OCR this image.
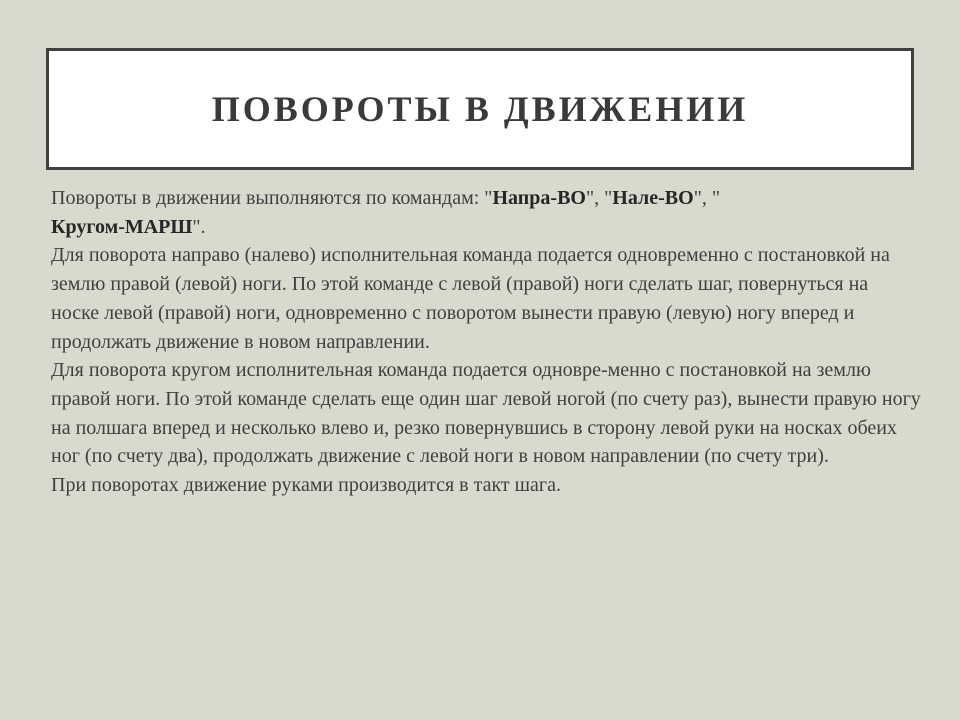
ПОВОРОТЫ В ДВИЖЕНИИ

Повороты в движении выполняются по командам: "Напра-ВО", "Нале-ВО", "
Кругом-МАРШ".

Для поворота направо (налево) исполнительная команда подается одновременно с постановкой на землю правой (левой) ноги. По этой команде с левой (правой) ноги сделать шаг, повернуться на носке левой (правой) ноги, одновременно с поворотом вынести правую (левую) ногу вперед и продолжать движение в новом направлении.

Для поворота кругом исполнительная команда подается одновре-менно с постановкой на землю правой ноги. По этой команде сделать еще один шаг левой ногой (по счету раз), вынести правую ногу на полшага вперед и несколько влево и, резко повернувшись в сторону левой руки на носках обеих ног (по счету два), продолжать движение с левой ноги в новом направлении (по счету три).

При поворотах движение руками производится в такт шага.
